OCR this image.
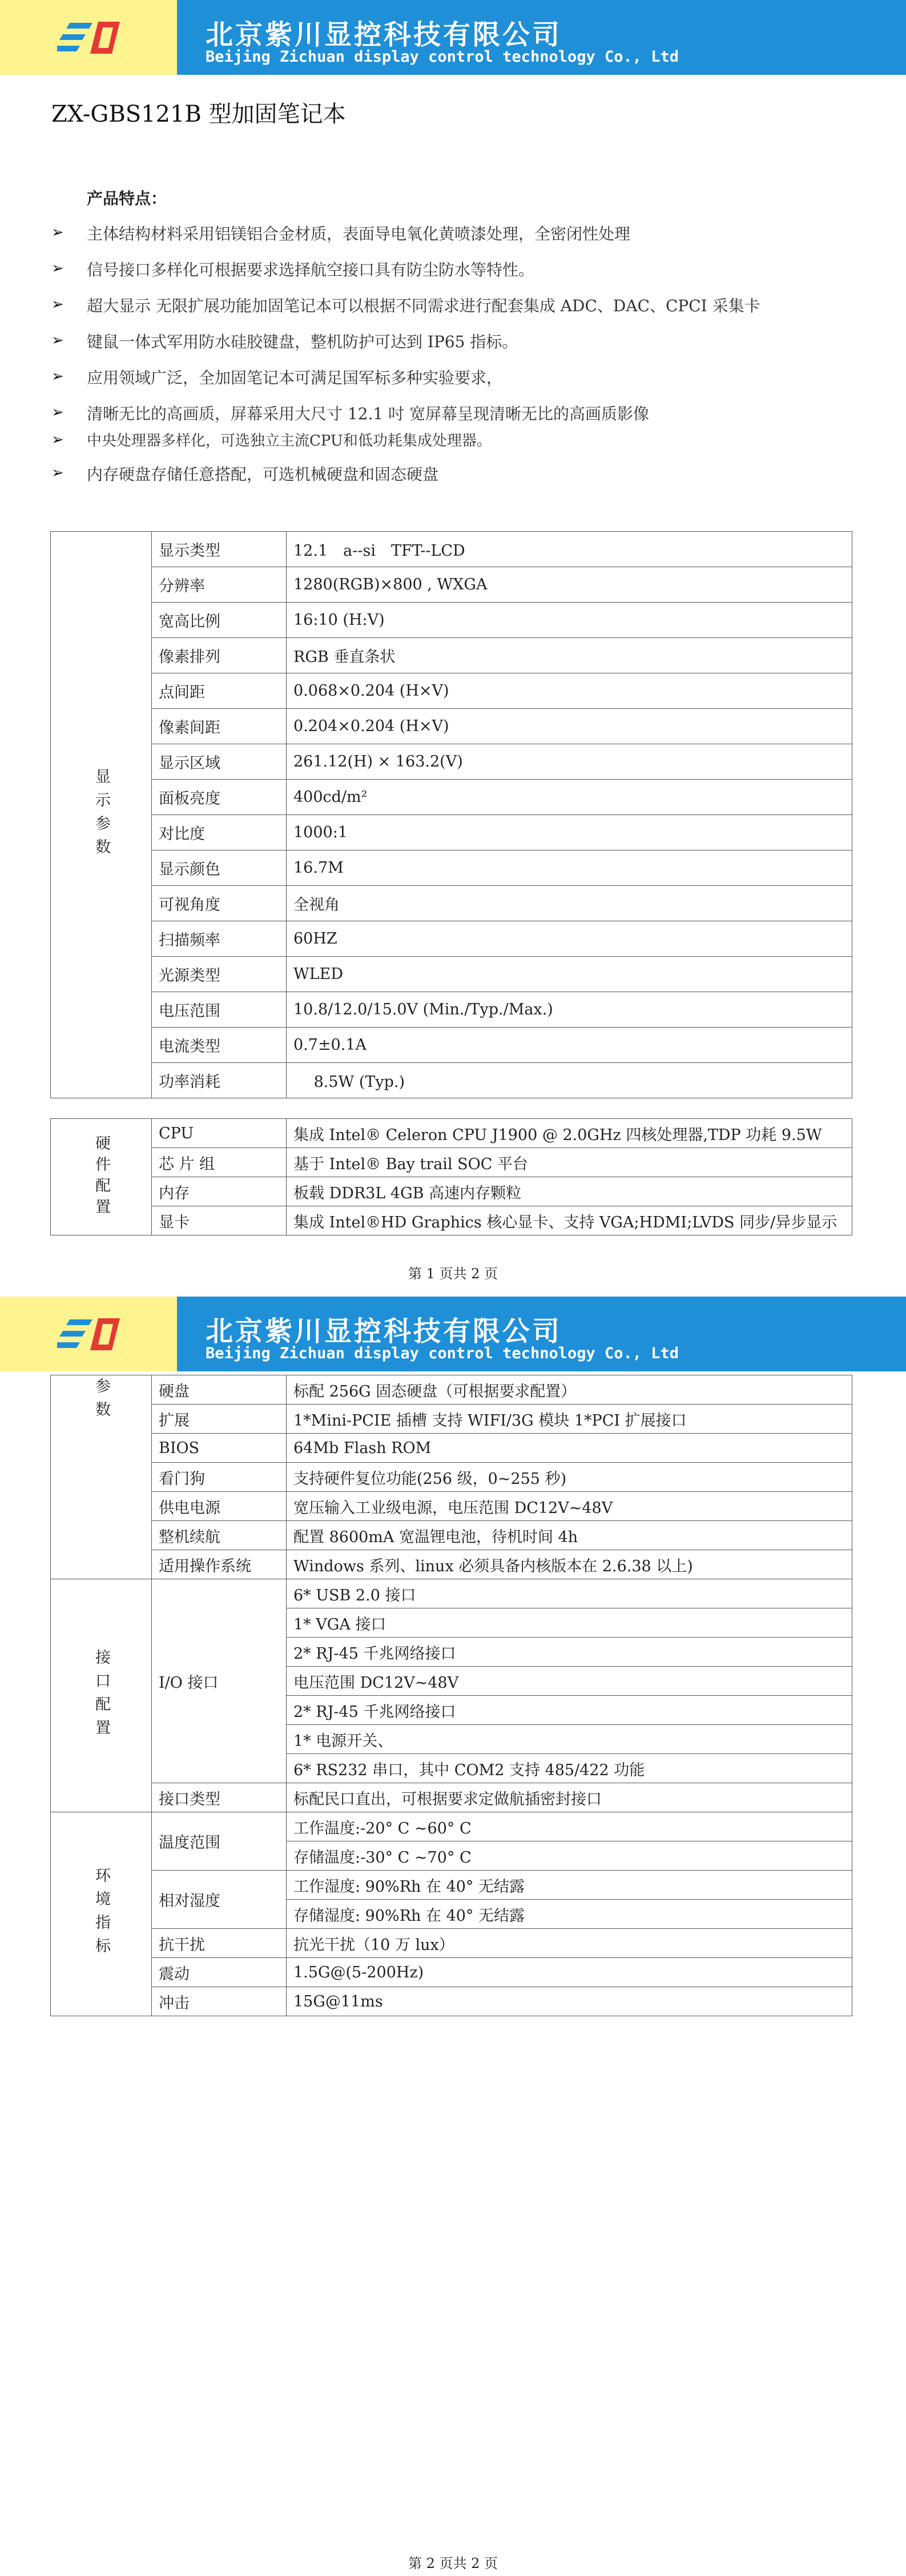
北京紫川显控科技有限公司
Beijing Zichuan display control technology Co., Ltd
ZX-GBS121B 型加固笔记本
产品特点：
➢ 主体结构材料采用铝镁铝合金材质，表面导电氧化黄喷漆处理，全密闭性处理
➢ 信号接口多样化可根据要求选择航空接口具有防尘防水等特性。
➢ 超大显示 无限扩展功能加固笔记本可以根据不同需求进行配套集成 ADC、DAC、CPCI 采集卡
➢ 键鼠一体式军用防水硅胶键盘，整机防护可达到 IP65 指标。
➢ 应用领域广泛，全加固笔记本可满足国军标多种实验要求，
➢ 清晰无比的高画质，屏幕采用大尺寸 12.1 吋 宽屏幕呈现清晰无比的高画质影像
➢	中央处理器多样化，可选独立主流CPU和低功耗集成处理器。
➢ 内存硬盘存储任意搭配，可选机械硬盘和固态硬盘
显示参数	显示类型	12.1　a--si　TFT--LCD
	分辨率	1280(RGB)×800 , WXGA
	宽高比例	16:10 (H:V)
	像素排列	RGB 垂直条状
	点间距	0.068×0.204 (H×V)
	像素间距	0.204×0.204 (H×V)
	显示区域	261.12(H) × 163.2(V)
	面板亮度	400cd/m²
	对比度	1000:1
	显示颜色	16.7M
	可视角度	全视角
	扫描频率	60HZ
	光源类型	WLED
	电压范围	10.8/12.0/15.0V (Min./Typ./Max.)
	电流类型	0.7±0.1A
	功率消耗	　 8.5W (Typ.)
硬件配置	CPU	集成 Intel® Celeron CPU J1900 @ 2.0GHz 四核处理器,TDP 功耗 9.5W
	芯 片 组	基于 Intel® Bay trail SOC 平台
	内存	板载 DDR3L 4GB 高速内存颗粒
	显卡	集成 Intel®HD Graphics 核心显卡、支持 VGA;HDMI;LVDS 同步/异步显示
第 1 页共 2 页
北京紫川显控科技有限公司
Beijing Zichuan display control technology Co., Ltd
参数	硬盘	标配 256G 固态硬盘（可根据要求配置）
	扩展	1*Mini-PCIE 插槽 支持 WIFI/3G 模块 1*PCI 扩展接口
	BIOS	64Mb Flash ROM
	看门狗	支持硬件复位功能(256 级，0~255 秒)
	供电电源	宽压输入工业级电源，电压范围 DC12V~48V
	整机续航	配置 8600mA 宽温锂电池，待机时间 4h
	适用操作系统	Windows 系列、linux 必须具备内核版本在 2.6.38 以上)

接口配置	I/O 接口	6* USB 2.0 接口
		1* VGA 接口
		2* RJ-45 千兆网络接口
		电压范围 DC12V~48V
		2* RJ-45 千兆网络接口
		1* 电源开关、
		6* RS232 串口，其中 COM2 支持 485/422 功能
	接口类型	标配民口直出，可根据要求定做航插密封接口

环境指标	温度范围	工作温度:-20° C ~60° C
		存储温度:-30° C ~70° C
	相对湿度	工作湿度: 90%Rh 在 40° 无结露
		存储湿度: 90%Rh 在 40° 无结露
	抗干扰	抗光干扰（10 万 lux）
	震动	1.5G@(5-200Hz)
	冲击	15G@11ms
第 2 页共 2 页
